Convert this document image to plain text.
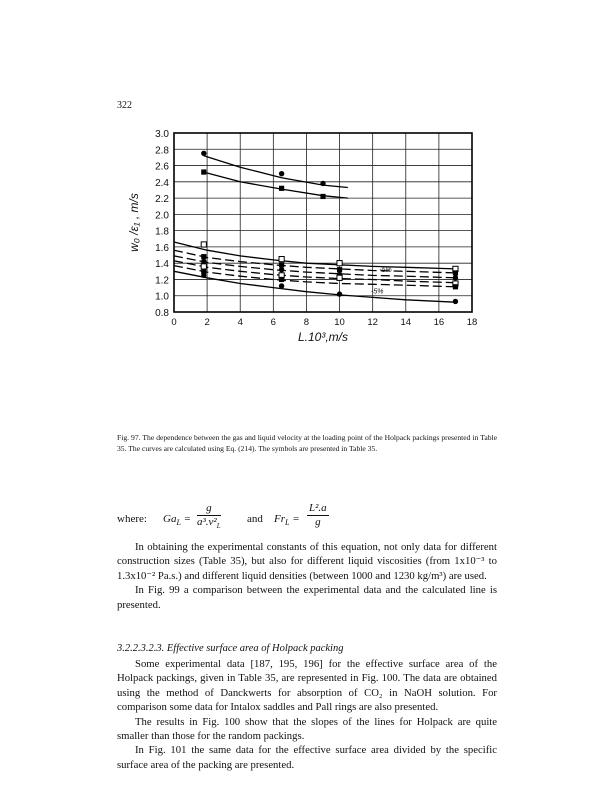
322
0	2	4	6	8	10 12 14 16 18
0.8
1.0
1.2
1.4
1.6
1.8
2.0
2.2
2.4
2.6
2.8
3.0
L.10³,m/s
w₀ /ε₁ , m/s
-5%
-5%
Fig. 97. The dependence between the gas and liquid velocity at the loading point of the Holpack packings presented in Table 35. The curves are calculated using Eq. (214). The symbols are presented in Table 35.
where: $Ga_L = \frac{g}{a^3.\nu^2_L}$ and $Fr_L = \frac{\text{L².a}}{g}$

In obtaining the experimental constants of this equation, not only data for different construction sizes (Table 35), but also for different liquid viscosities (from 1x10⁻³ to 1.3x10⁻² Pa.s.) and different liquid densities (between 1000 and 1230 kg/m³) are used.

In Fig. 99 a comparison between the experimental data and the calculated line is presented.

3.2.2.3.2.3. Effective surface area of Holpack packing

Some experimental data [187, 195, 196] for the effective surface area of the Holpack packings, given in Table 35, are represented in Fig. 100. The data are obtained using the method of Danckwerts for absorption of CO₂ in NaOH solution. For comparison some data for Intalox saddles and Pall rings are also presented.

The results in Fig. 100 show that the slopes of the lines for Holpack are quite smaller than those for the random packings.

In Fig. 101 the same data for the effective surface area divided by the specific surface area of the packing are presented.
